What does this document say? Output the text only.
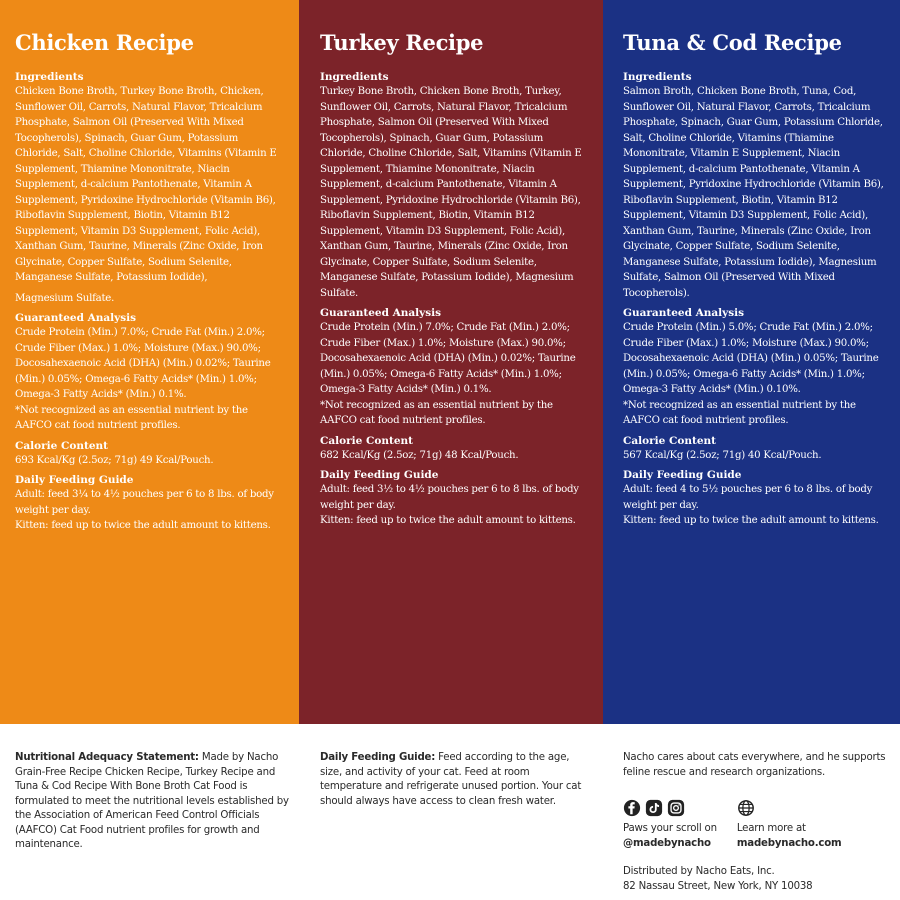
Chicken Recipe
Ingredients

Chicken Bone Broth, Turkey Bone Broth, Chicken, Sunflower Oil, Carrots, Natural Flavor, Tricalcium Phosphate, Salmon Oil (Preserved With Mixed Tocopherols), Spinach, Guar Gum, Potassium Chloride, Salt, Choline Chloride, Vitamins (Vitamin E Supplement, Thiamine Mononitrate, Niacin Supplement, d-calcium Pantothenate, Vitamin A Supplement, Pyridoxine Hydrochloride (Vitamin B6), Riboflavin Supplement, Biotin, Vitamin B12 Supplement, Vitamin D3 Supplement, Folic Acid), Xanthan Gum, Taurine, Minerals (Zinc Oxide, Iron Glycinate, Copper Sulfate, Sodium Selenite, Manganese Sulfate, Potassium Iodide),

Magnesium Sulfate.

Guaranteed Analysis

Crude Protein (Min.) 7.0%; Crude Fat (Min.) 2.0%; Crude Fiber (Max.) 1.0%; Moisture (Max.) 90.0%; Docosahexaenoic Acid (DHA) (Min.) 0.02%; Taurine (Min.) 0.05%; Omega-6 Fatty Acids* (Min.) 1.0%; Omega-3 Fatty Acids* (Min.) 0.1%.

*Not recognized as an essential nutrient by the AAFCO cat food nutrient profiles.

Calorie Content

693 Kcal/Kg (2.5oz; 71g) 49 Kcal/Pouch.

Daily Feeding Guide

Adult: feed 3¼ to 4½ pouches per 6 to 8 lbs. of body weight per day.

Kitten: feed up to twice the adult amount to kittens.

Turkey Recipe
Ingredients

Turkey Bone Broth, Chicken Bone Broth, Turkey, Sunflower Oil, Carrots, Natural Flavor, Tricalcium Phosphate, Salmon Oil (Preserved With Mixed Tocopherols), Spinach, Guar Gum, Potassium Chloride, Choline Chloride, Salt, Vitamins (Vitamin E Supplement, Thiamine Mononitrate, Niacin Supplement, d-calcium Pantothenate, Vitamin A Supplement, Pyridoxine Hydrochloride (Vitamin B6), Riboflavin Supplement, Biotin, Vitamin B12 Supplement, Vitamin D3 Supplement, Folic Acid), Xanthan Gum, Taurine, Minerals (Zinc Oxide, Iron Glycinate, Copper Sulfate, Sodium Selenite, Manganese Sulfate, Potassium Iodide), Magnesium Sulfate.

Guaranteed Analysis

Crude Protein (Min.) 7.0%; Crude Fat (Min.) 2.0%; Crude Fiber (Max.) 1.0%; Moisture (Max.) 90.0%; Docosahexaenoic Acid (DHA) (Min.) 0.02%; Taurine (Min.) 0.05%; Omega-6 Fatty Acids* (Min.) 1.0%; Omega-3 Fatty Acids* (Min.) 0.1%.

*Not recognized as an essential nutrient by the AAFCO cat food nutrient profiles.

Calorie Content

682 Kcal/Kg (2.5oz; 71g) 48 Kcal/Pouch.

Daily Feeding Guide

Adult: feed 3½ to 4½ pouches per 6 to 8 lbs. of body weight per day.

Kitten: feed up to twice the adult amount to kittens.

Tuna & Cod Recipe
Ingredients

Salmon Broth, Chicken Bone Broth, Tuna, Cod, Sunflower Oil, Natural Flavor, Carrots, Tricalcium Phosphate, Spinach, Guar Gum, Potassium Chloride, Salt, Choline Chloride, Vitamins (Thiamine Mononitrate, Vitamin E Supplement, Niacin Supplement, d-calcium Pantothenate, Vitamin A Supplement, Pyridoxine Hydrochloride (Vitamin B6), Riboflavin Supplement, Biotin, Vitamin B12 Supplement, Vitamin D3 Supplement, Folic Acid), Xanthan Gum, Taurine, Minerals (Zinc Oxide, Iron Glycinate, Copper Sulfate, Sodium Selenite, Manganese Sulfate, Potassium Iodide), Magnesium Sulfate, Salmon Oil (Preserved With Mixed Tocopherols).

Guaranteed Analysis

Crude Protein (Min.) 5.0%; Crude Fat (Min.) 2.0%; Crude Fiber (Max.) 1.0%; Moisture (Max.) 90.0%; Docosahexaenoic Acid (DHA) (Min.) 0.05%; Taurine (Min.) 0.05%; Omega-6 Fatty Acids* (Min.) 1.0%; Omega-3 Fatty Acids* (Min.) 0.10%.

*Not recognized as an essential nutrient by the AAFCO cat food nutrient profiles.

Calorie Content

567 Kcal/Kg (2.5oz; 71g) 40 Kcal/Pouch.

Daily Feeding Guide

Adult: feed 4 to 5½ pouches per 6 to 8 lbs. of body weight per day.

Kitten: feed up to twice the adult amount to kittens.

Nutritional Adequacy Statement: Made by Nacho Grain-Free Recipe Chicken Recipe, Turkey Recipe and Tuna & Cod Recipe With Bone Broth Cat Food is formulated to meet the nutritional levels established by the Association of American Feed Control Officials (AAFCO) Cat Food nutrient profiles for growth and maintenance.
Daily Feeding Guide: Feed according to the age, size, and activity of your cat. Feed at room temperature and refrigerate unused portion. Your cat should always have access to clean fresh water.
Nacho cares about cats everywhere, and he supports feline rescue and research organizations.
Paws your scroll on
@madebynacho
Learn more at
madebynacho.com
Distributed by Nacho Eats, Inc.
82 Nassau Street, New York, NY 10038
